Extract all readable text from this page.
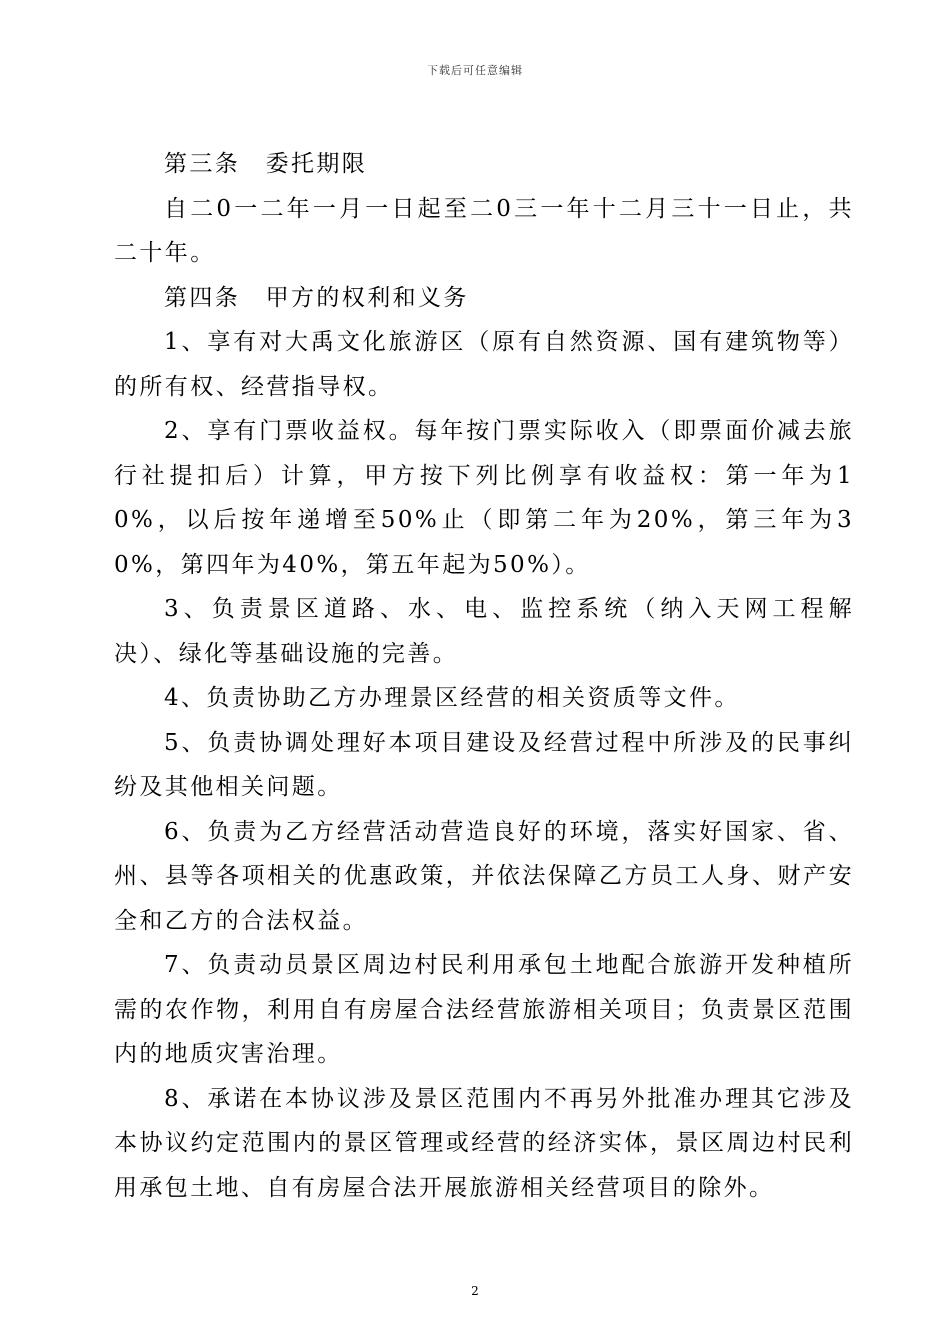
下载后可任意编辑

第三条　委托期限

自二0一二年一月一日起至二0三一年十二月三十一日止，共二十年。

第四条　甲方的权利和义务

1、享有对大禹文化旅游区（原有自然资源、国有建筑物等）的所有权、经营指导权。

2、享有门票收益权。每年按门票实际收入（即票面价减去旅行社提扣后）计算，甲方按下列比例享有收益权：第一年为10%，以后按年递增至50%止（即第二年为20%，第三年为30%，第四年为40%，第五年起为50%）。

3、负责景区道路、水、电、监控系统（纳入天网工程解决）、绿化等基础设施的完善。

4、负责协助乙方办理景区经营的相关资质等文件。

5、负责协调处理好本项目建设及经营过程中所涉及的民事纠纷及其他相关问题。

6、负责为乙方经营活动营造良好的环境，落实好国家、省、州、县等各项相关的优惠政策，并依法保障乙方员工人身、财产安全和乙方的合法权益。

7、负责动员景区周边村民利用承包土地配合旅游开发种植所需的农作物，利用自有房屋合法经营旅游相关项目；负责景区范围内的地质灾害治理。

8、承诺在本协议涉及景区范围内不再另外批准办理其它涉及本协议约定范围内的景区管理或经营的经济实体，景区周边村民利用承包土地、自有房屋合法开展旅游相关经营项目的除外。

2
